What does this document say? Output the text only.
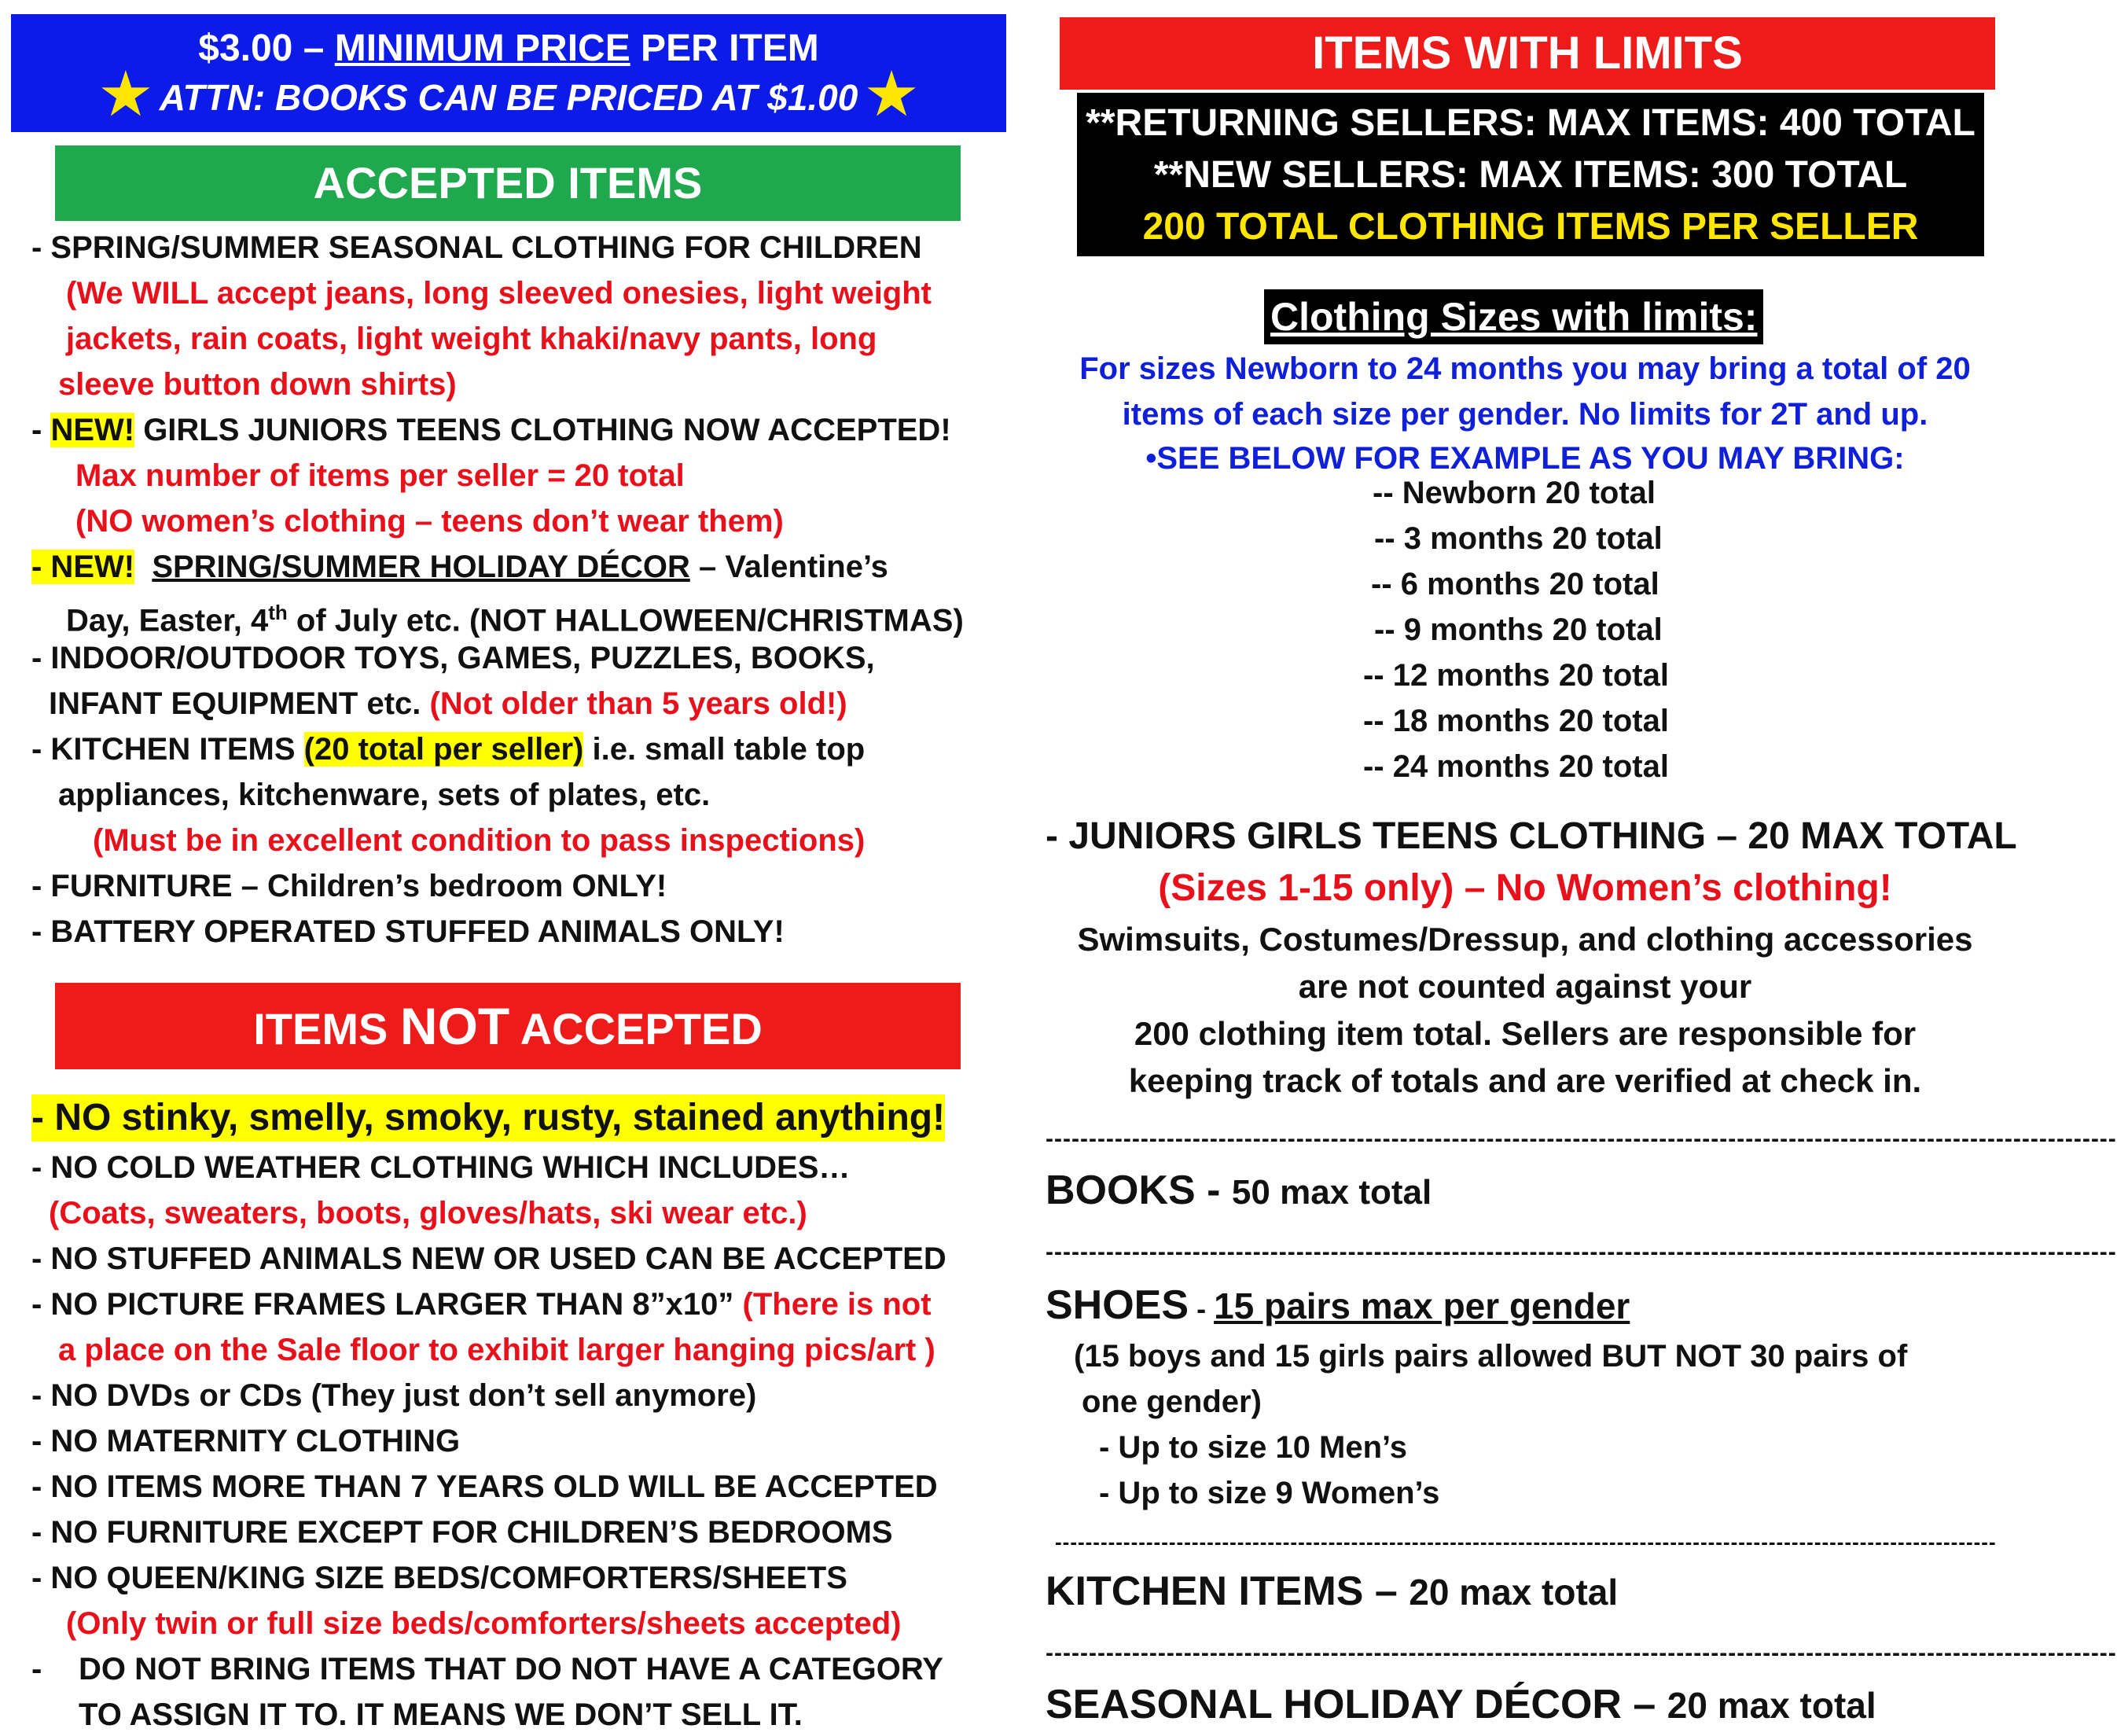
$3.00 – MINIMUM PRICE PER ITEM
ATTN: BOOKS CAN BE PRICED AT $1.00
★	★
ACCEPTED ITEMS
- SPRING/SUMMER SEASONAL CLOTHING FOR CHILDREN
(We WILL accept jeans, long sleeved onesies, light weight
jackets, rain coats, light weight khaki/navy pants, long
sleeve button down shirts)
- NEW! GIRLS JUNIORS TEENS CLOTHING NOW ACCEPTED!
Max number of items per seller = 20 total
(NO women’s clothing – teens don’t wear them)
- NEW! SPRING/SUMMER HOLIDAY DÉCOR – Valentine’s
Day, Easter, 4th of July etc. (NOT HALLOWEEN/CHRISTMAS)
- INDOOR/OUTDOOR TOYS, GAMES, PUZZLES, BOOKS,
INFANT EQUIPMENT etc. (Not older than 5 years old!)
- KITCHEN ITEMS (20 total per seller) i.e. small table top
appliances, kitchenware, sets of plates, etc.
(Must be in excellent condition to pass inspections)
- FURNITURE – Children’s bedroom ONLY!
- BATTERY OPERATED STUFFED ANIMALS ONLY!
ITEMS NOT ACCEPTED
- NO stinky, smelly, smoky, rusty, stained anything!
- NO COLD WEATHER CLOTHING WHICH INCLUDES…
(Coats, sweaters, boots, gloves/hats, ski wear etc.)
- NO STUFFED ANIMALS NEW OR USED CAN BE ACCEPTED
- NO PICTURE FRAMES LARGER THAN 8”x10” (There is not
a place on the Sale floor to exhibit larger hanging pics/art )
- NO DVDs or CDs (They just don’t sell anymore)
- NO MATERNITY CLOTHING
- NO ITEMS MORE THAN 7 YEARS OLD WILL BE ACCEPTED
- NO FURNITURE EXCEPT FOR CHILDREN’S BEDROOMS
- NO QUEEN/KING SIZE BEDS/COMFORTERS/SHEETS
(Only twin or full size beds/comforters/sheets accepted)
- DO NOT BRING ITEMS THAT DO NOT HAVE A CATEGORY
TO ASSIGN IT TO. IT MEANS WE DON’T SELL IT.
ITEMS WITH LIMITS
**RETURNING SELLERS: MAX ITEMS: 400 TOTAL
**NEW SELLERS: MAX ITEMS: 300 TOTAL
200 TOTAL CLOTHING ITEMS PER SELLER
Clothing Sizes with limits:
For sizes Newborn to 24 months you may bring a total of 20
items of each size per gender. No limits for 2T and up.
•SEE BELOW FOR EXAMPLE AS YOU MAY BRING:
-- Newborn 20 total
-- 3 months 20 total
-- 6 months 20 total
-- 9 months 20 total
-- 12 months 20 total
-- 18 months 20 total
-- 24 months 20 total
- JUNIORS GIRLS TEENS CLOTHING – 20 MAX TOTAL
(Sizes 1-15 only) – No Women’s clothing!
Swimsuits, Costumes/Dressup, and clothing accessories
are not counted against your
200 clothing item total. Sellers are responsible for
keeping track of totals and are verified at check in.
----------------------------------------------------------------------------------------------------------------------------
BOOKS - 50 max total
----------------------------------------------------------------------------------------------------------------------------
SHOES - 15 pairs max per gender
(15 boys and 15 girls pairs allowed BUT NOT 30 pairs of
one gender)
- Up to size 10 Men’s
- Up to size 9 Women’s
----------------------------------------------------------------------------------------------------------------------------
KITCHEN ITEMS – 20 max total
----------------------------------------------------------------------------------------------------------------------------
SEASONAL HOLIDAY DÉCOR – 20 max total
